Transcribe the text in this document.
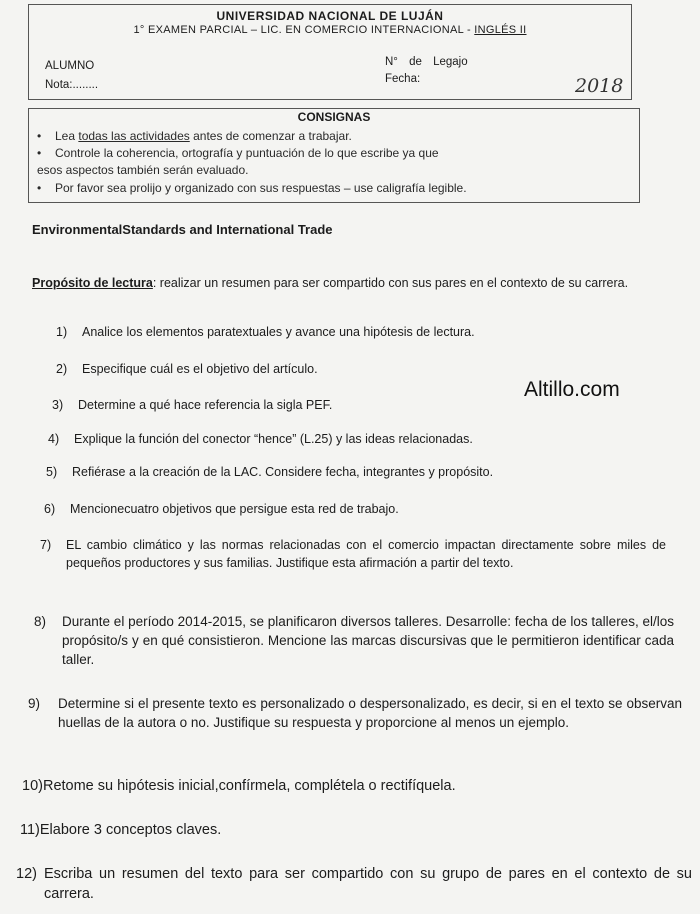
UNIVERSIDAD NACIONAL DE LUJÁN
1° EXAMEN PARCIAL – LIC. EN COMERCIO INTERNACIONAL - INGLÉS II
ALUMNO
Nota:........
N° de Legajo
Fecha:	2018
CONSIGNAS
• Lea todas las actividades antes de comenzar a trabajar.
• Controle la coherencia, ortografía y puntuación de lo que escribe ya que
esos aspectos también serán evaluado.
• Por favor sea prolijo y organizado con sus respuestas – use caligrafía legible.
EnvironmentalStandards and International Trade
Propósito de lectura: realizar un resumen para ser compartido con sus pares en el contexto de su carrera.
Altillo.com
1) Analice los elementos paratextuales y avance una hipótesis de lectura.
2) Especifique cuál es el objetivo del artículo.
3) Determine a qué hace referencia la sigla PEF.
4) Explique la función del conector “hence” (L.25) y las ideas relacionadas.
5) Refiérase a la creación de la LAC. Considere fecha, integrantes y propósito.
6) Mencionecuatro objetivos que persigue esta red de trabajo.
7)	EL cambio climático y las normas relacionadas con el comercio impactan directamente sobre miles de pequeños productores y sus familias. Justifique esta afirmación a partir del texto.
8)	Durante el período 2014-2015, se planificaron diversos talleres. Desarrolle: fecha de los talleres, el/los propósito/s y en qué consistieron. Mencione las marcas discursivas que le permitieron identificar cada taller.
9)	Determine si el presente texto es personalizado o despersonalizado, es decir, si en el texto se observan huellas de la autora o no. Justifique su respuesta y proporcione al menos un ejemplo.
10)Retome su hipótesis inicial,confírmela, complétela o rectifíquela.
11)Elabore 3 conceptos claves.
12) Escriba un resumen del texto para ser compartido con su grupo de pares en el contexto de su carrera.
